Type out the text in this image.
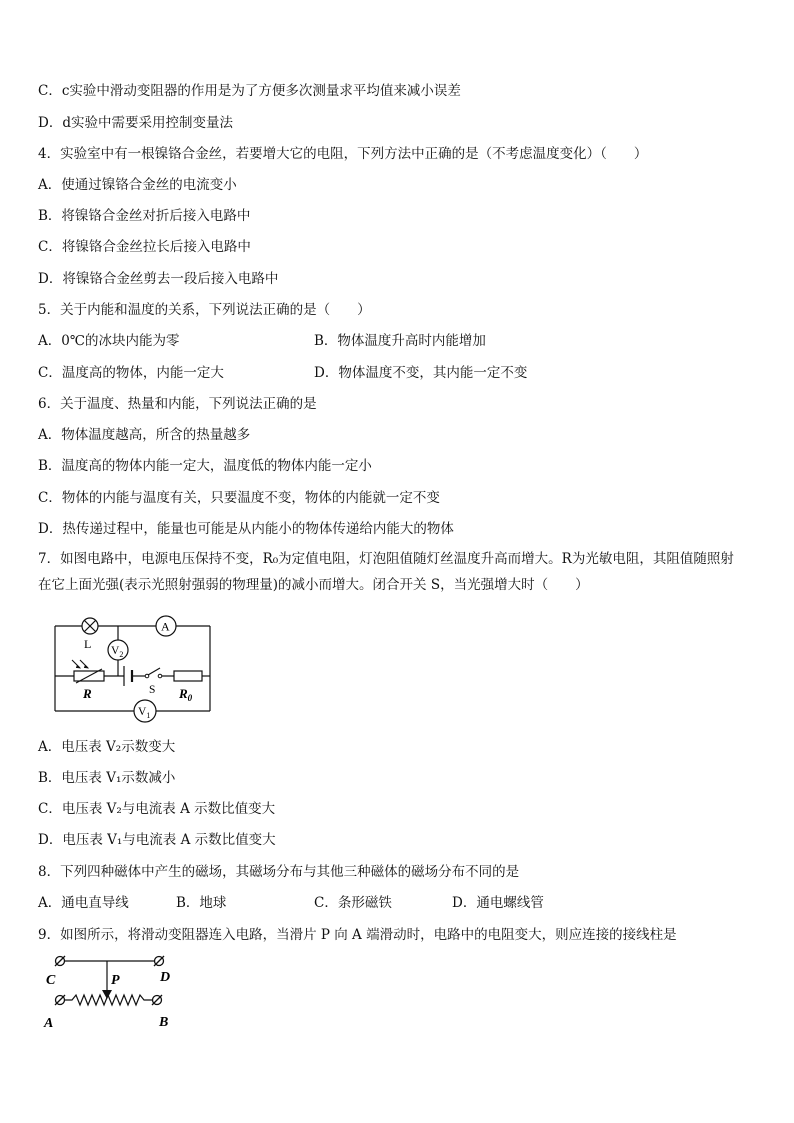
C．c实验中滑动变阻器的作用是为了方便多次测量求平均值来减小误差
D．d实验中需要采用控制变量法
4．实验室中有一根镍铬合金丝，若要增大它的电阻，下列方法中正确的是（不考虑温度变化）（　　）
A．使通过镍铬合金丝的电流变小
B．将镍铬合金丝对折后接入电路中
C．将镍铬合金丝拉长后接入电路中
D．将镍铬合金丝剪去一段后接入电路中
5．关于内能和温度的关系，下列说法正确的是（　　）
A．0℃的冰块内能为零	B．物体温度升高时内能增加
C．温度高的物体，内能一定大	D．物体温度不变，其内能一定不变
6．关于温度、热量和内能，下列说法正确的是
A．物体温度越高，所含的热量越多
B．温度高的物体内能一定大，温度低的物体内能一定小
C．物体的内能与温度有关，只要温度不变，物体的内能就一定不变
D．热传递过程中，能量也可能是从内能小的物体传递给内能大的物体
7．如图电路中，电源电压保持不变，R₀为定值电阻，灯泡阻值随灯丝温度升高而增大。R为光敏电阻，其阻值随照射
在它上面光强(表示光照射强弱的物理量)的减小而增大。闭合开关 S，当光强增大时（　　）
L
A
$V_2$
R	S $R_0$
$V_1$
A．电压表 V₂示数变大
B．电压表 V₁示数减小
C．电压表 V₂与电流表 A 示数比值变大
D．电压表 V₁与电流表 A 示数比值变大
8．下列四种磁体中产生的磁场，其磁场分布与其他三种磁体的磁场分布不同的是
A．通电直导线	B．地球	C．条形磁铁	D．通电螺线管
9．如图所示，将滑动变阻器连入电路，当滑片 P 向 A 端滑动时，电路中的电阻变大，则应连接的接线柱是
C	D
P
A	B
